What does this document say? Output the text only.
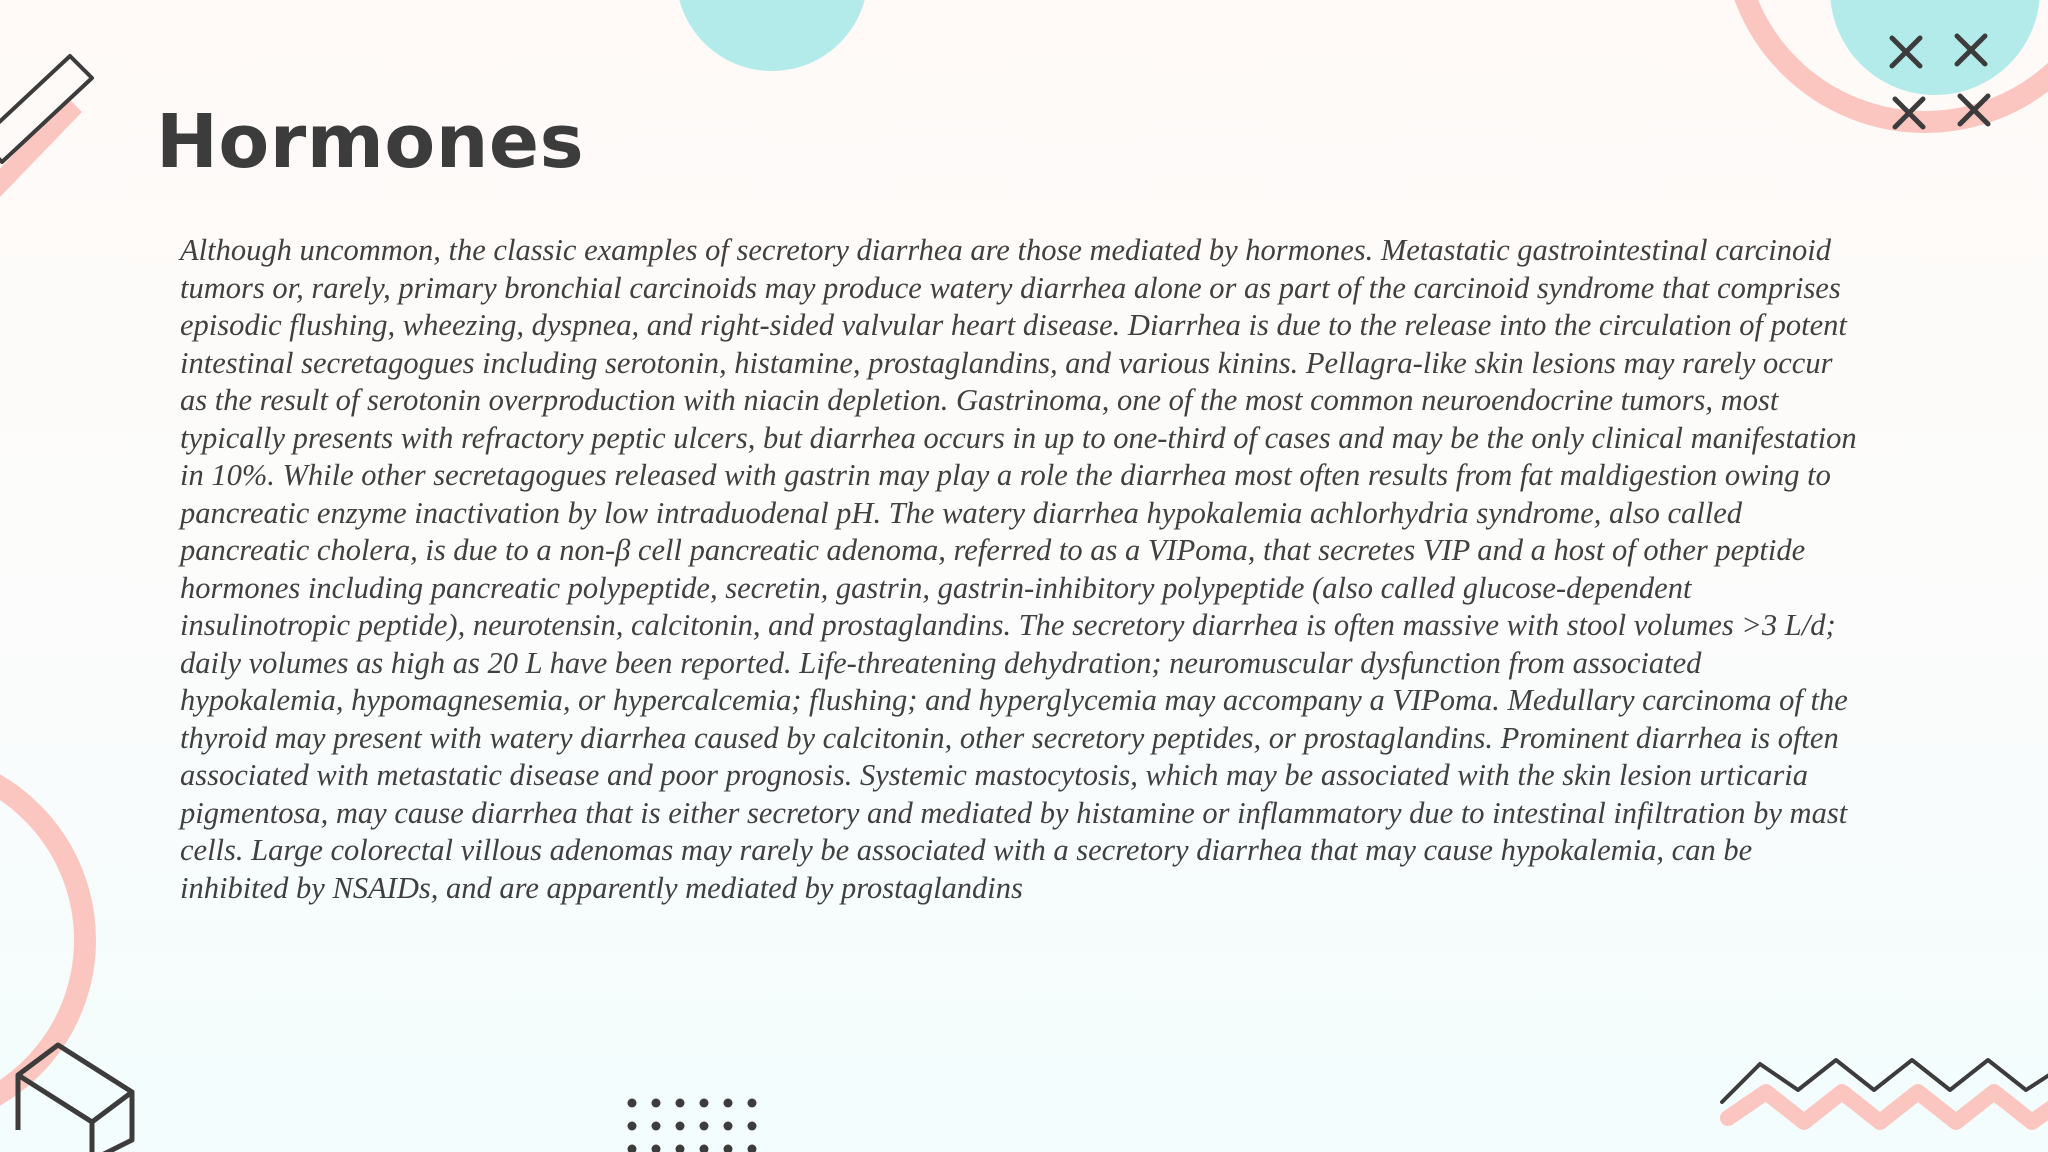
Hormones

Although uncommon, the classic examples of secretory diarrhea are those mediated by hormones. Metastatic gastrointestinal carcinoid tumors or, rarely, primary bronchial carcinoids may produce watery diarrhea alone or as part of the carcinoid syndrome that comprises episodic flushing, wheezing, dyspnea, and right-sided valvular heart disease. Diarrhea is due to the release into the circulation of potent intestinal secretagogues including serotonin, histamine, prostaglandins, and various kinins. Pellagra-like skin lesions may rarely occur as the result of serotonin overproduction with niacin depletion. Gastrinoma, one of the most common neuroendocrine tumors, most typically presents with refractory peptic ulcers, but diarrhea occurs in up to one-third of cases and may be the only clinical manifestation in 10%. While other secretagogues released with gastrin may play a role the diarrhea most often results from fat maldigestion owing to pancreatic enzyme inactivation by low intraduodenal pH. The watery diarrhea hypokalemia achlorhydria syndrome, also called pancreatic cholera, is due to a non-β cell pancreatic adenoma, referred to as a VIPoma, that secretes VIP and a host of other peptide hormones including pancreatic polypeptide, secretin, gastrin, gastrin-inhibitory polypeptide (also called glucose-dependent insulinotropic peptide), neurotensin, calcitonin, and prostaglandins. The secretory diarrhea is often massive with stool volumes >3 L/d; daily volumes as high as 20 L have been reported. Life-threatening dehydration; neuromuscular dysfunction from associated hypokalemia, hypomagnesemia, or hypercalcemia; flushing; and hyperglycemia may accompany a VIPoma. Medullary carcinoma of the thyroid may present with watery diarrhea caused by calcitonin, other secretory peptides, or prostaglandins. Prominent diarrhea is often associated with metastatic disease and poor prognosis. Systemic mastocytosis, which may be associated with the skin lesion urticaria pigmentosa, may cause diarrhea that is either secretory and mediated by histamine or inflammatory due to intestinal infiltration by mast cells. Large colorectal villous adenomas may rarely be associated with a secretory diarrhea that may cause hypokalemia, can be inhibited by NSAIDs, and are apparently mediated by prostaglandins
